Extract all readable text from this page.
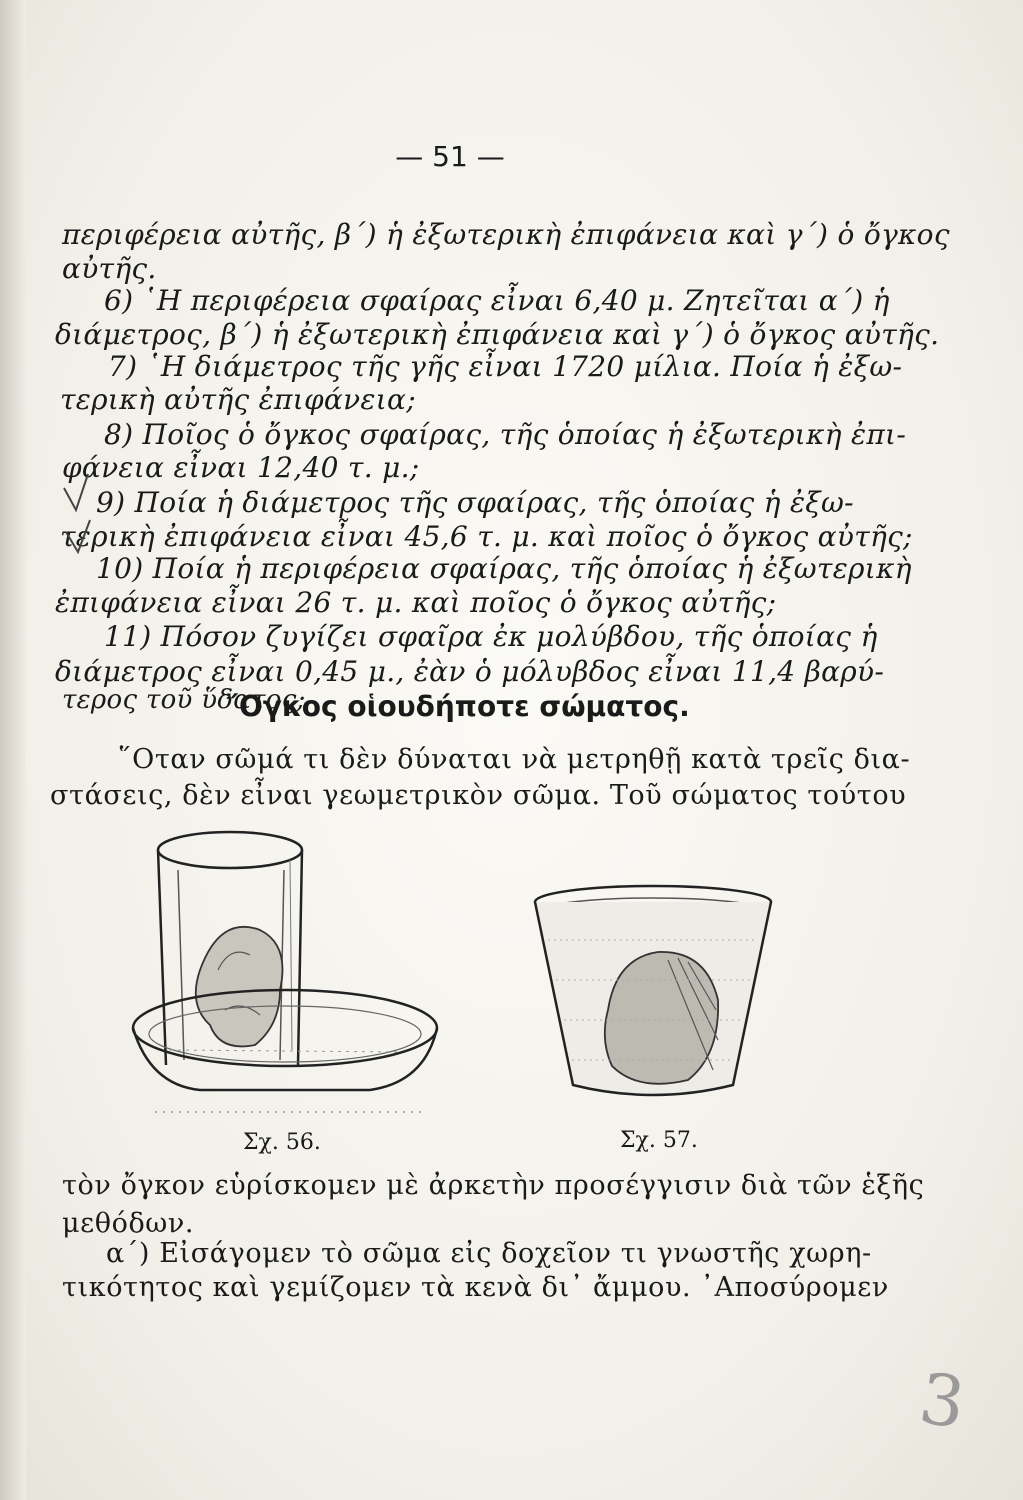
— 51 —
περιφέρεια αὐτῆς, β΄) ἡ ἐξωτερικὴ ἐπιφάνεια καὶ γ΄) ὁ ὄγκος
αὐτῆς.
6) ῾Η περιφέρεια σφαίρας εἶναι 6,40 μ. Ζητεῖται α΄) ἡ
διάμετρος, β΄) ἡ ἐξωτερικὴ ἐπιφάνεια καὶ γ΄) ὁ ὄγκος αὐτῆς.
7) ῾Η διάμετρος τῆς γῆς εἶναι 1720 μίλια. Ποία ἡ ἐξω-
τερικὴ αὐτῆς ἐπιφάνεια;
8) Ποῖος ὁ ὄγκος σφαίρας, τῆς ὁποίας ἡ ἐξωτερικὴ ἐπι-
φάνεια εἶναι 12,40 τ. μ.;
9) Ποία ἡ διάμετρος τῆς σφαίρας, τῆς ὁποίας ἡ ἐξω-
τερικὴ ἐπιφάνεια εἶναι 45,6 τ. μ. καὶ ποῖος ὁ ὄγκος αὐτῆς;
10) Ποία ἡ περιφέρεια σφαίρας, τῆς ὁποίας ἡ ἐξωτερικὴ
ἐπιφάνεια εἶναι 26 τ. μ. καὶ ποῖος ὁ ὄγκος αὐτῆς;
11) Πόσον ζυγίζει σφαῖρα ἐκ μολύβδου, τῆς ὁποίας ἡ
διάμετρος εἶναι 0,45 μ., ἐὰν ὁ μόλυβδος εἶναι 11,4 βαρύ-
τερος τοῦ ὕδατος;
῎Ογκος οἱουδήποτε σώματος.
῞Οταν σῶμά τι δὲν δύναται νὰ μετρηθῇ κατὰ τρεῖς δια-
στάσεις, δὲν εἶναι γεωμετρικὸν σῶμα. Τοῦ σώματος τούτου
Σχ. 56.	Σχ. 57.
τὸν ὄγκον εὑρίσκομεν μὲ ἀρκετὴν προσέγγισιν διὰ τῶν ἑξῆς
μεθόδων.
α΄) Εἰσάγομεν τὸ σῶμα εἰς δοχεῖον τι γνωστῆς χωρη-
τικότητος καὶ γεμίζομεν τὰ κενὰ δι᾽ ἄμμου. ᾽Αποσύρομεν
3
